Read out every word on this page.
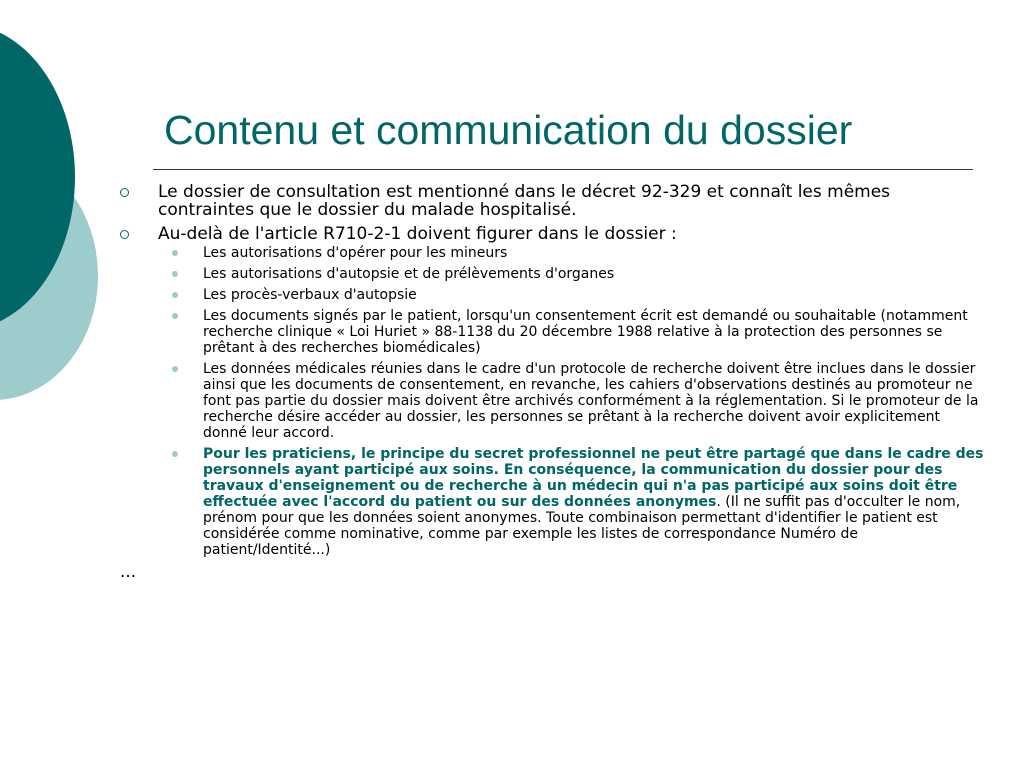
Contenu et communication du dossier
Le dossier de consultation est mentionné dans le décret 92-329 et connaît les mêmes contraintes que le dossier du malade hospitalisé.
Au-delà de l'article R710-2-1 doivent figurer dans le dossier :
Les autorisations d'opérer pour les mineurs
Les autorisations d'autopsie et de prélèvements d'organes
Les procès-verbaux d'autopsie
Les documents signés par le patient, lorsqu'un consentement écrit est demandé ou souhaitable (notamment recherche clinique « Loi Huriet » 88-1138 du 20 décembre 1988 relative à la protection des personnes se prêtant à des recherches biomédicales)
Les données médicales réunies dans le cadre d'un protocole de recherche doivent être inclues dans le dossier ainsi que les documents de consentement, en revanche, les cahiers d'observations destinés au promoteur ne font pas partie du dossier mais doivent être archivés conformément à la réglementation. Si le promoteur de la recherche désire accéder au dossier, les personnes se prêtant à la recherche doivent avoir explicitement donné leur accord.
Pour les praticiens, le principe du secret professionnel ne peut être partagé que dans le cadre des personnels ayant participé aux soins. En conséquence, la communication du dossier pour des travaux d'enseignement ou de recherche à un médecin qui n'a pas participé aux soins doit être effectuée avec l'accord du patient ou sur des données anonymes. (Il ne suffit pas d'occulter le nom, prénom pour que les données soient anonymes. Toute combinaison permettant d'identifier le patient est considérée comme nominative, comme par exemple les listes de correspondance Numéro de patient/Identité...)
...
